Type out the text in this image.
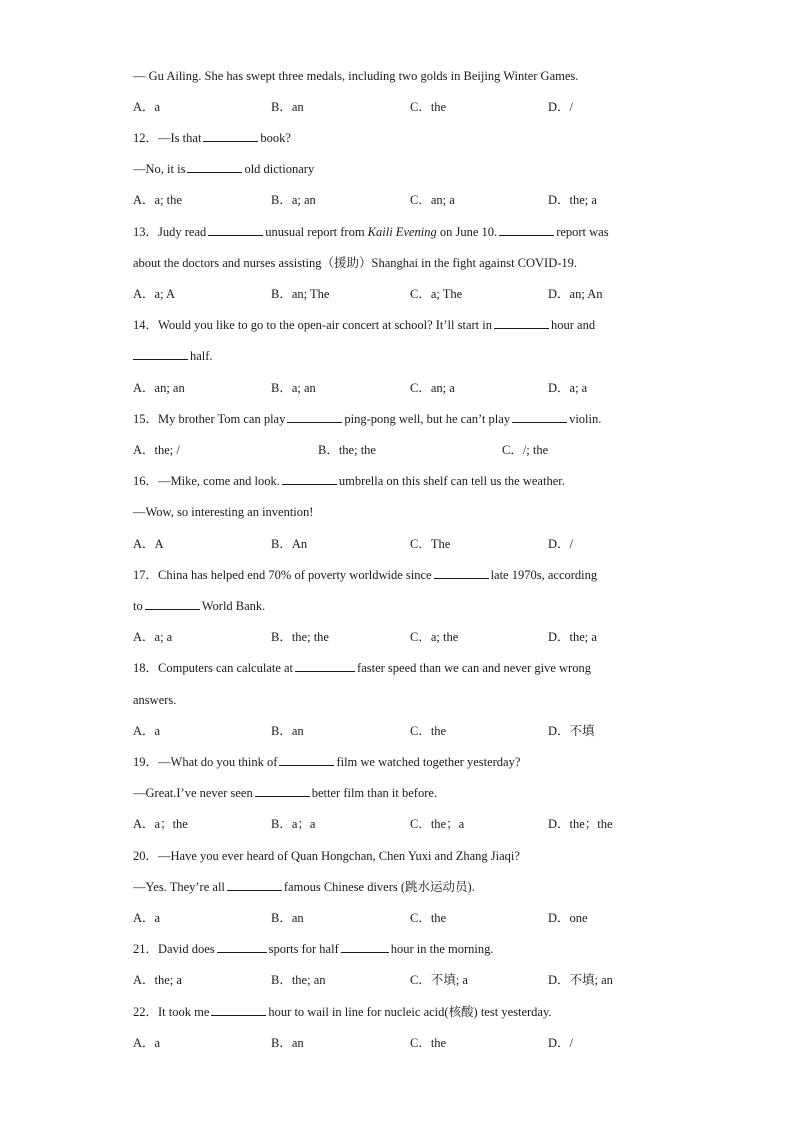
— Gu Ailing. She has swept three medals, including two golds in Beijing Winter Games.
A．a	B．an	C．the	D．/
12．—Is that	book?
—No, it is	old dictionary
A．a; the	B．a; an	C．an; a	D．the; a
13．Judy read	unusual report from Kaili Evening on June 10.	report was
about the doctors and nurses assisting（援助）Shanghai in the fight against COVID-19.
A．a; A	B．an; The	C．a; The	D．an; An
14．Would you like to go to the open-air concert at school? It’ll start in	hour and
half.
A．an; an	B．a; an	C．an; a	D．a; a
15．My brother Tom can play	ping-pong well, but he can’t play	violin.
A．the; /	B．the; the	C．/; the
16．—Mike, come and look.	umbrella on this shelf can tell us the weather.
—Wow, so interesting an invention!
A．A	B．An	C．The	D．/
17．China has helped end 70% of poverty worldwide since	late 1970s, according
to	World Bank.
A．a; a	B．the; the	C．a; the	D．the; a
18．Computers can calculate at	faster speed than we can and never give wrong
answers.
A．a	B．an	C．the	D．不填
19．—What do you think of	film we watched together yesterday?
—Great.I’ve never seen	better film than it before.
A．a；the	B．a；a	C．the；a	D．the；the
20．—Have you ever heard of Quan Hongchan, Chen Yuxi and Zhang Jiaqi?
—Yes. They’re all	famous Chinese divers (跳水运动员).
A．a	B．an	C．the	D．one
21．David does	sports for half	hour in the morning.
A．the; a	B．the; an	C．不填; a	D．不填; an
22．It took me	hour to wail in line for nucleic acid(核酸) test yesterday.
A．a	B．an	C．the	D．/
